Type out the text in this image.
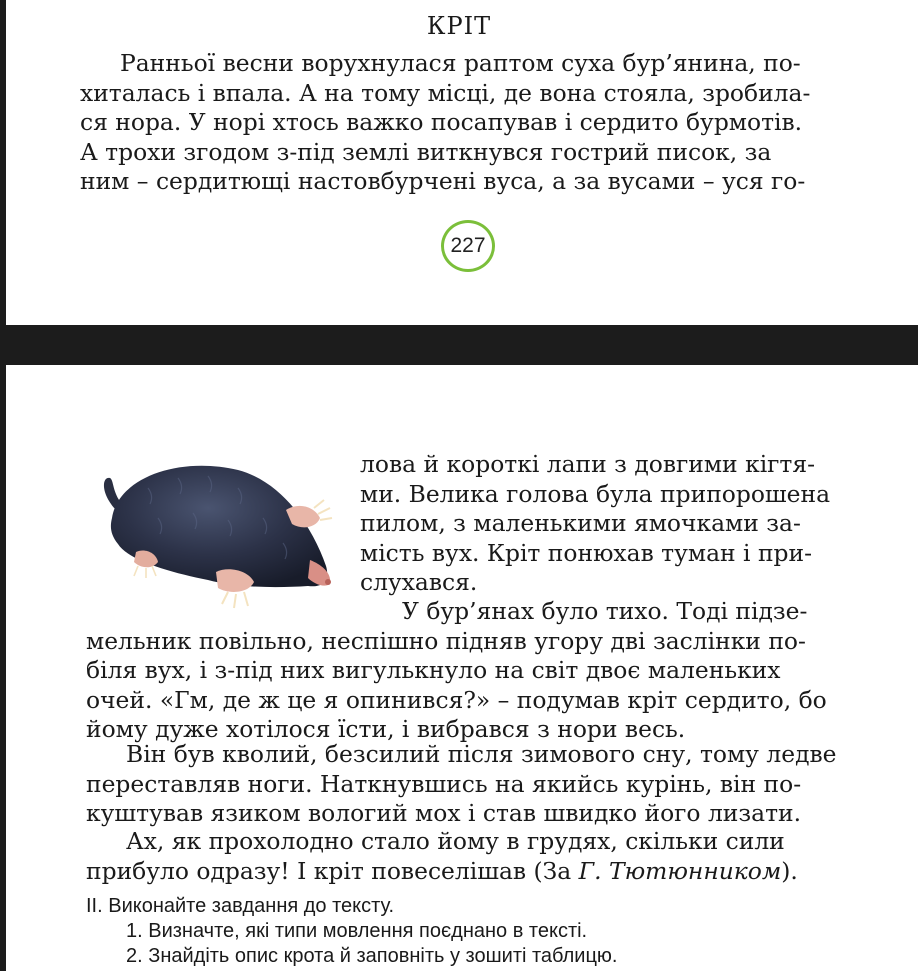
КРІТ
Ранньої весни ворухнулася раптом суха бур’янина, по-
хиталась і впала. А на тому місці, де вона стояла, зробила-
ся нора. У норі хтось важко посапував і сердито бурмотів.
А трохи згодом з-під землі виткнувся гострий писок, за
ним – сердитющі настовбурчені вуса, а за вусами – уся го-
227
лова й короткі лапи з довгими кігтя-
ми. Велика голова була припорошена
пилом, з маленькими ямочками за-
мість вух. Кріт понюхав туман і при-
слухався.
У бур’янах було тихо. Тоді підзе-
мельник повільно, неспішно підняв угору дві заслінки по-
біля вух, і з-під них вигулькнуло на світ двоє маленьких
очей. «Гм, де ж це я опинився?» – подумав кріт сердито, бо
йому дуже хотілося їсти, і вибрався з нори весь.
Він був кволий, безсилий після зимового сну, тому ледве
переставляв ноги. Наткнувшись на якийсь курінь, він по-
куштував язиком вологий мох і став швидко його лизати.
Ах, як прохолодно стало йому в грудях, скільки сили
прибуло одразу! І кріт повеселішав (За Г. Тютюнником).
II. Виконайте завдання до тексту.
1. Визначте, які типи мовлення поєднано в тексті.
2. Знайдіть опис крота й заповніть у зошиті таблицю.
